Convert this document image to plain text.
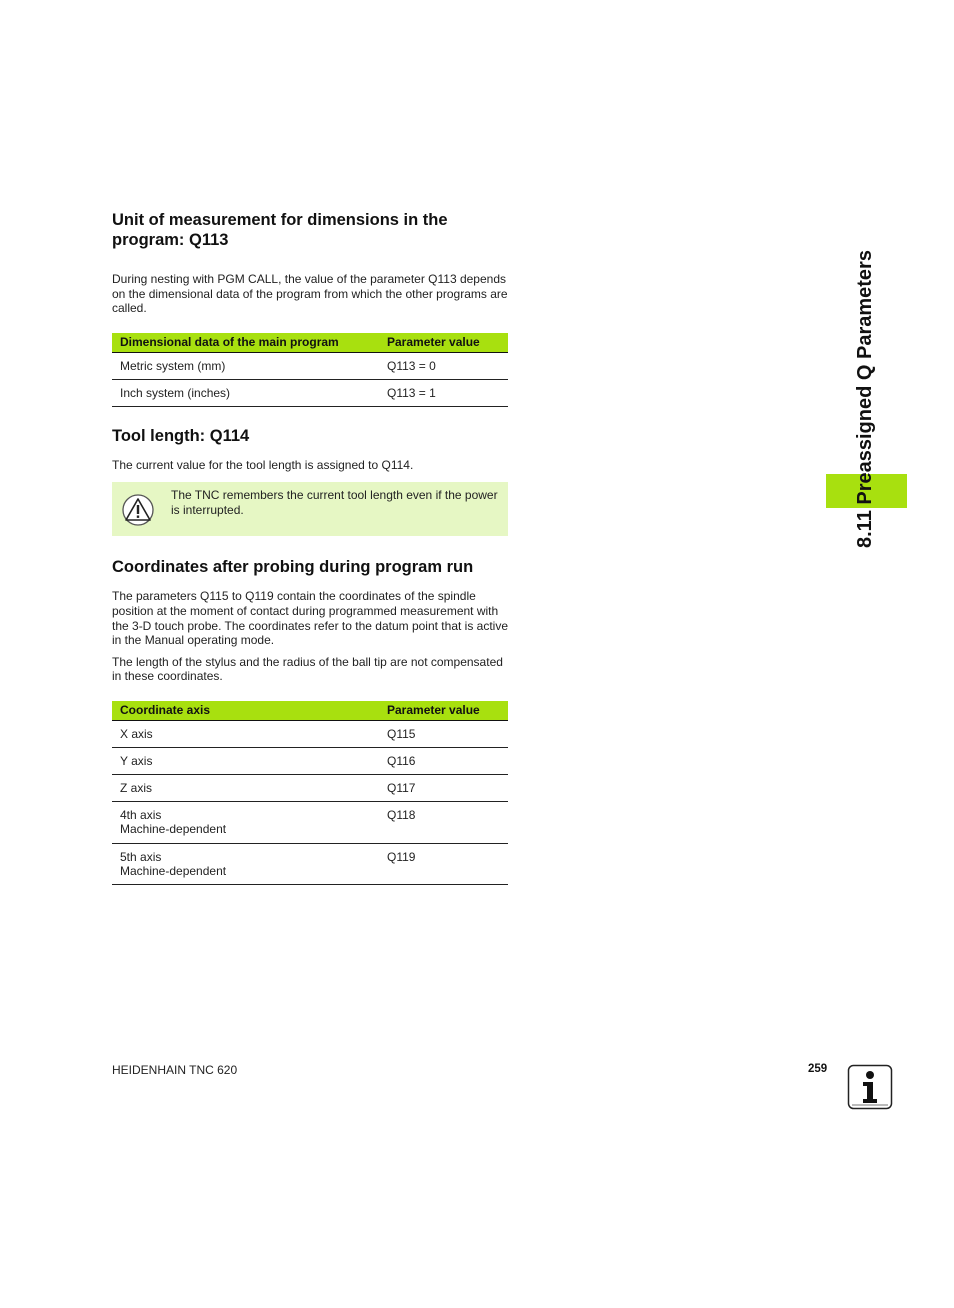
Unit of measurement for dimensions in the
program: Q113

During nesting with PGM CALL, the value of the parameter Q113 depends on the dimensional data of the program from which the other programs are called.

Dimensional data of the main program	Parameter value
Metric system (mm)	Q113 = 0
Inch system (inches)	Q113 = 1
Tool length: Q114

The current value for the tool length is assigned to Q114.

The TNC remembers the current tool length even if the power is interrupted.

Coordinates after probing during program run

The parameters Q115 to Q119 contain the coordinates of the spindle position at the moment of contact during programmed measurement with the 3-D touch probe. The coordinates refer to the datum point that is active in the Manual operating mode.

The length of the stylus and the radius of the ball tip are not compensated in these coordinates.

Coordinate axis	Parameter value
X axis	Q115
Y axis	Q116
Z axis	Q117
4th axis
Machine-dependent	Q118
5th axis
Machine-dependent	Q119
8.11 Preassigned Q Parameters
HEIDENHAIN TNC 620	259
